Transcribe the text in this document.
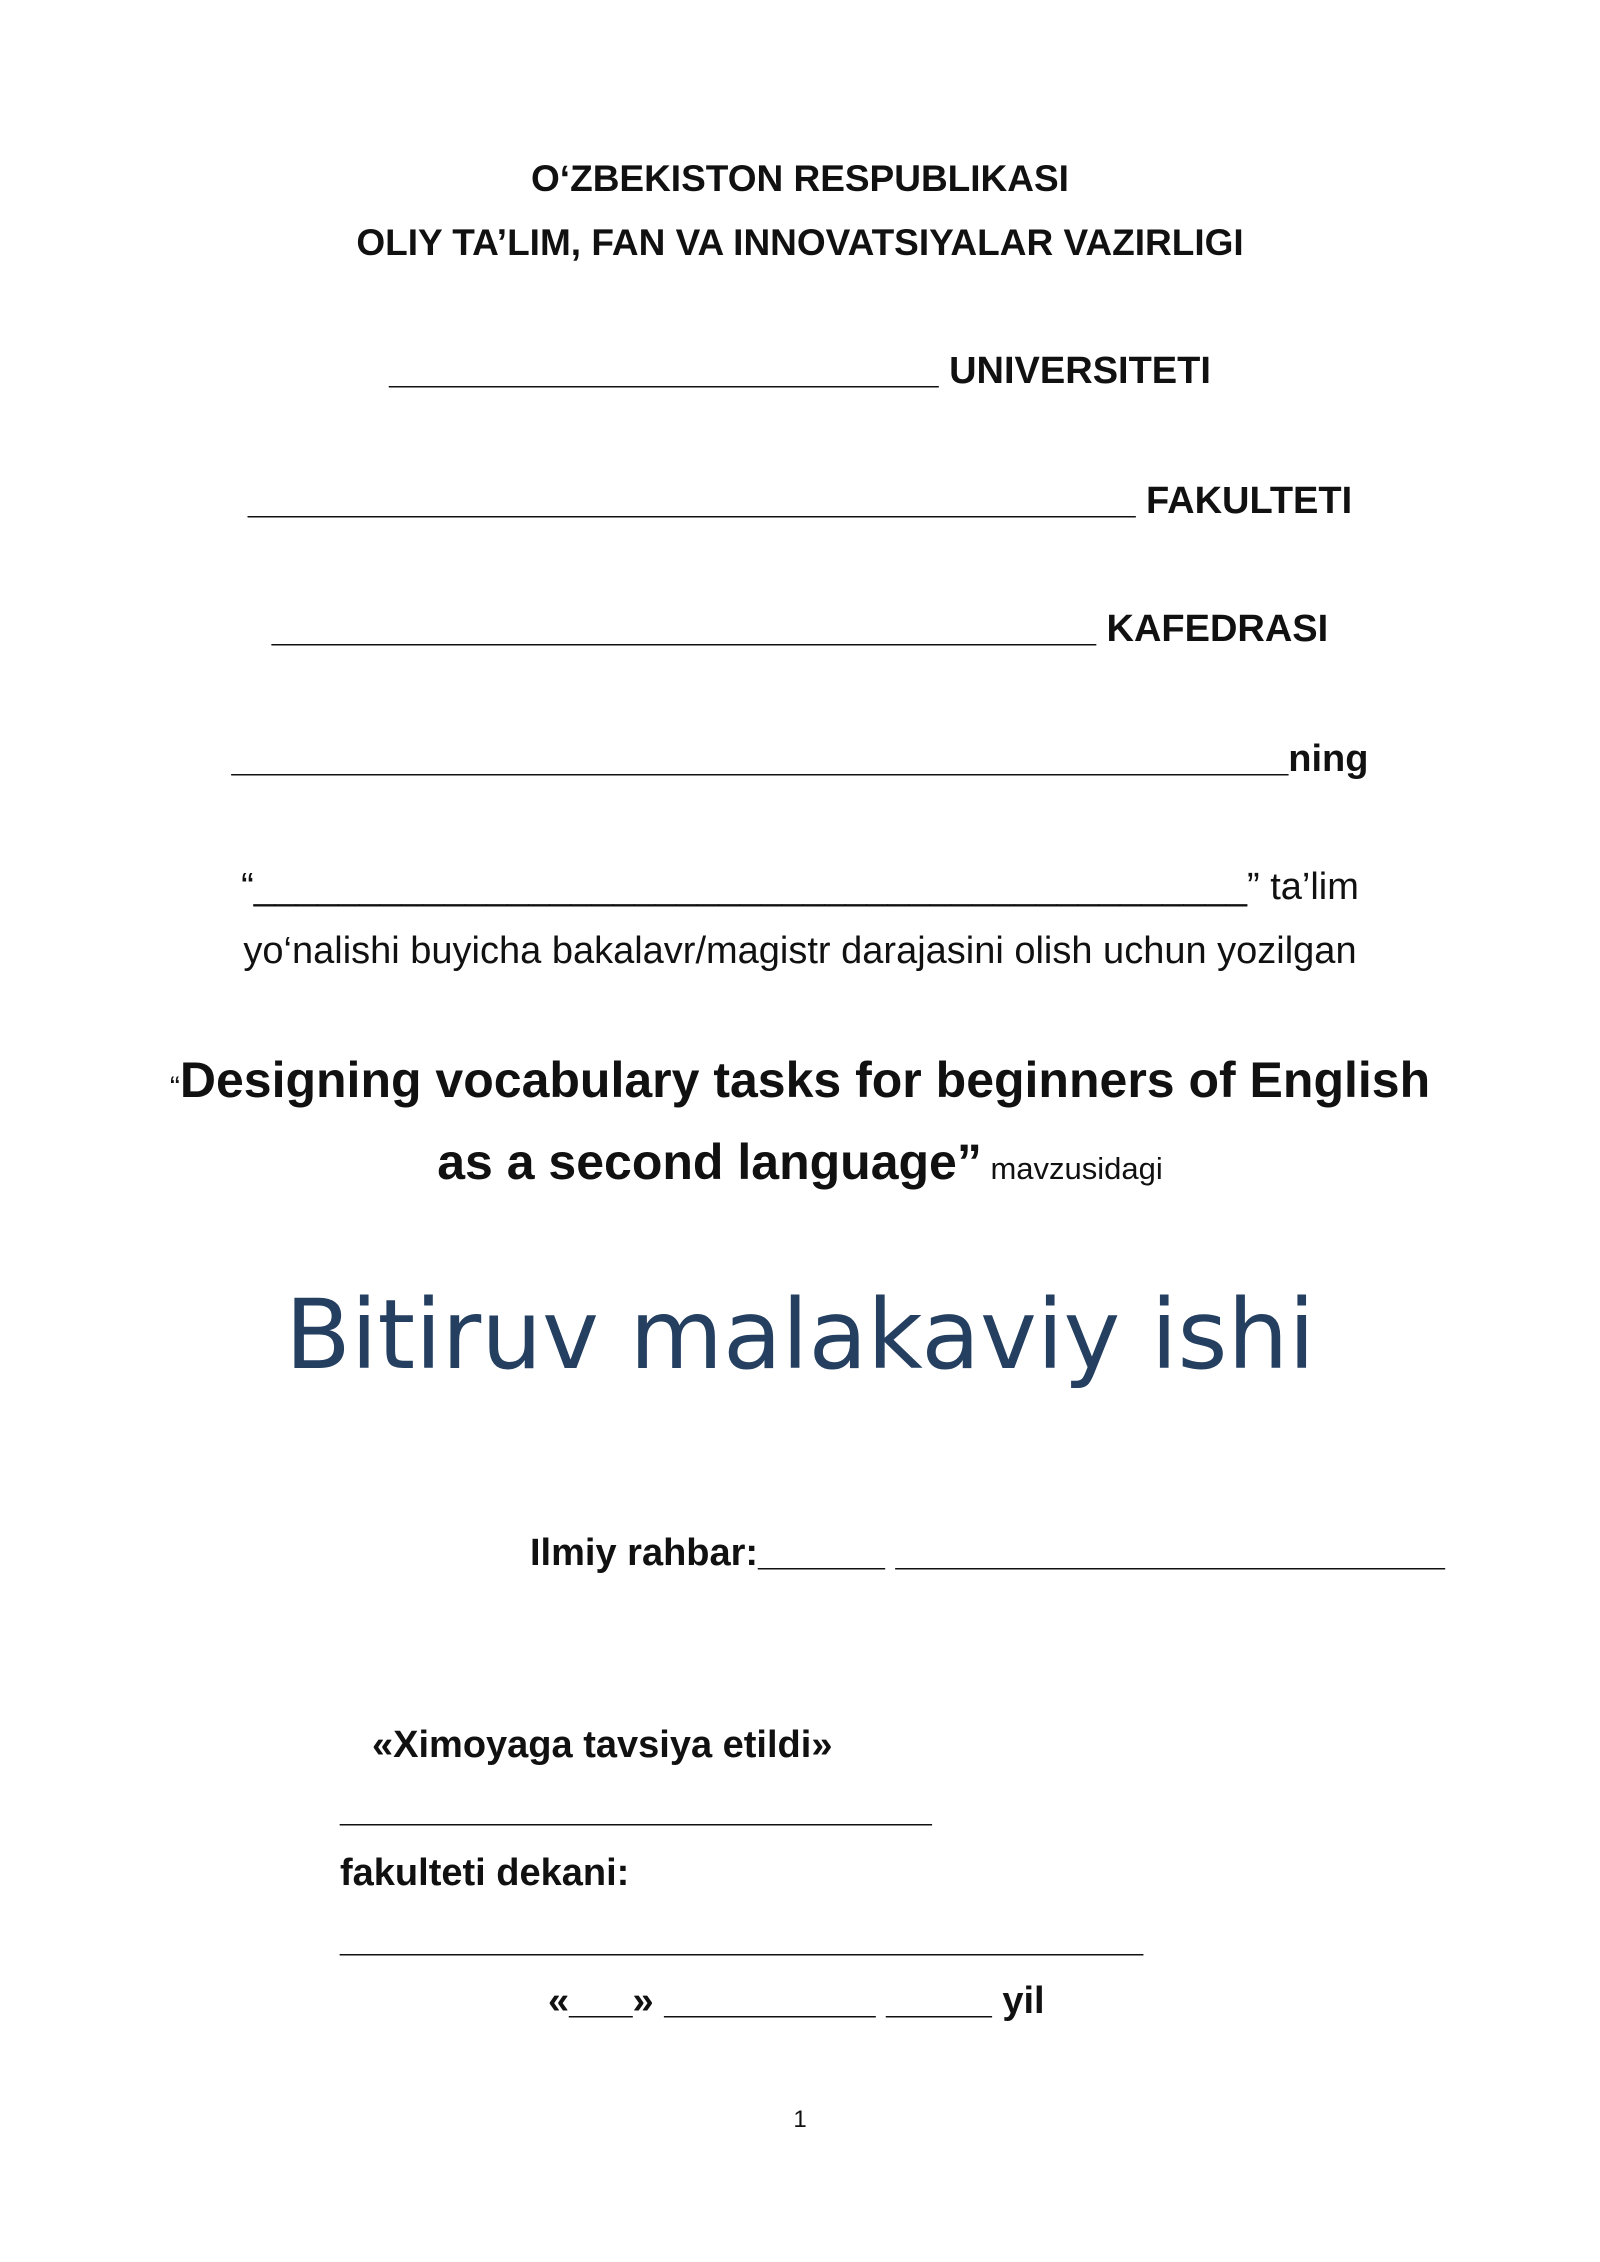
O‘ZBEKISTON RESPUBLIKASI
OLIY TA’LIM, FAN VA INNOVATSIYALAR VAZIRLIGI
__________________________ UNIVERSITETI
__________________________________________ FAKULTETI
_______________________________________ KAFEDRASI
__________________________________________________ning
“_______________________________________________” ta’lim
yo‘nalishi buyicha bakalavr/magistr darajasini olish uchun yozilgan
“Designing vocabulary tasks for beginners of English
as a second language” mavzusidagi
Bitiruv malakaviy ishi
Ilmiy rahbar:______ __________________________
«Ximoyaga tavsiya etildi»
____________________________
fakulteti dekani:
______________________________________
«___» __________ _____ yil
1
